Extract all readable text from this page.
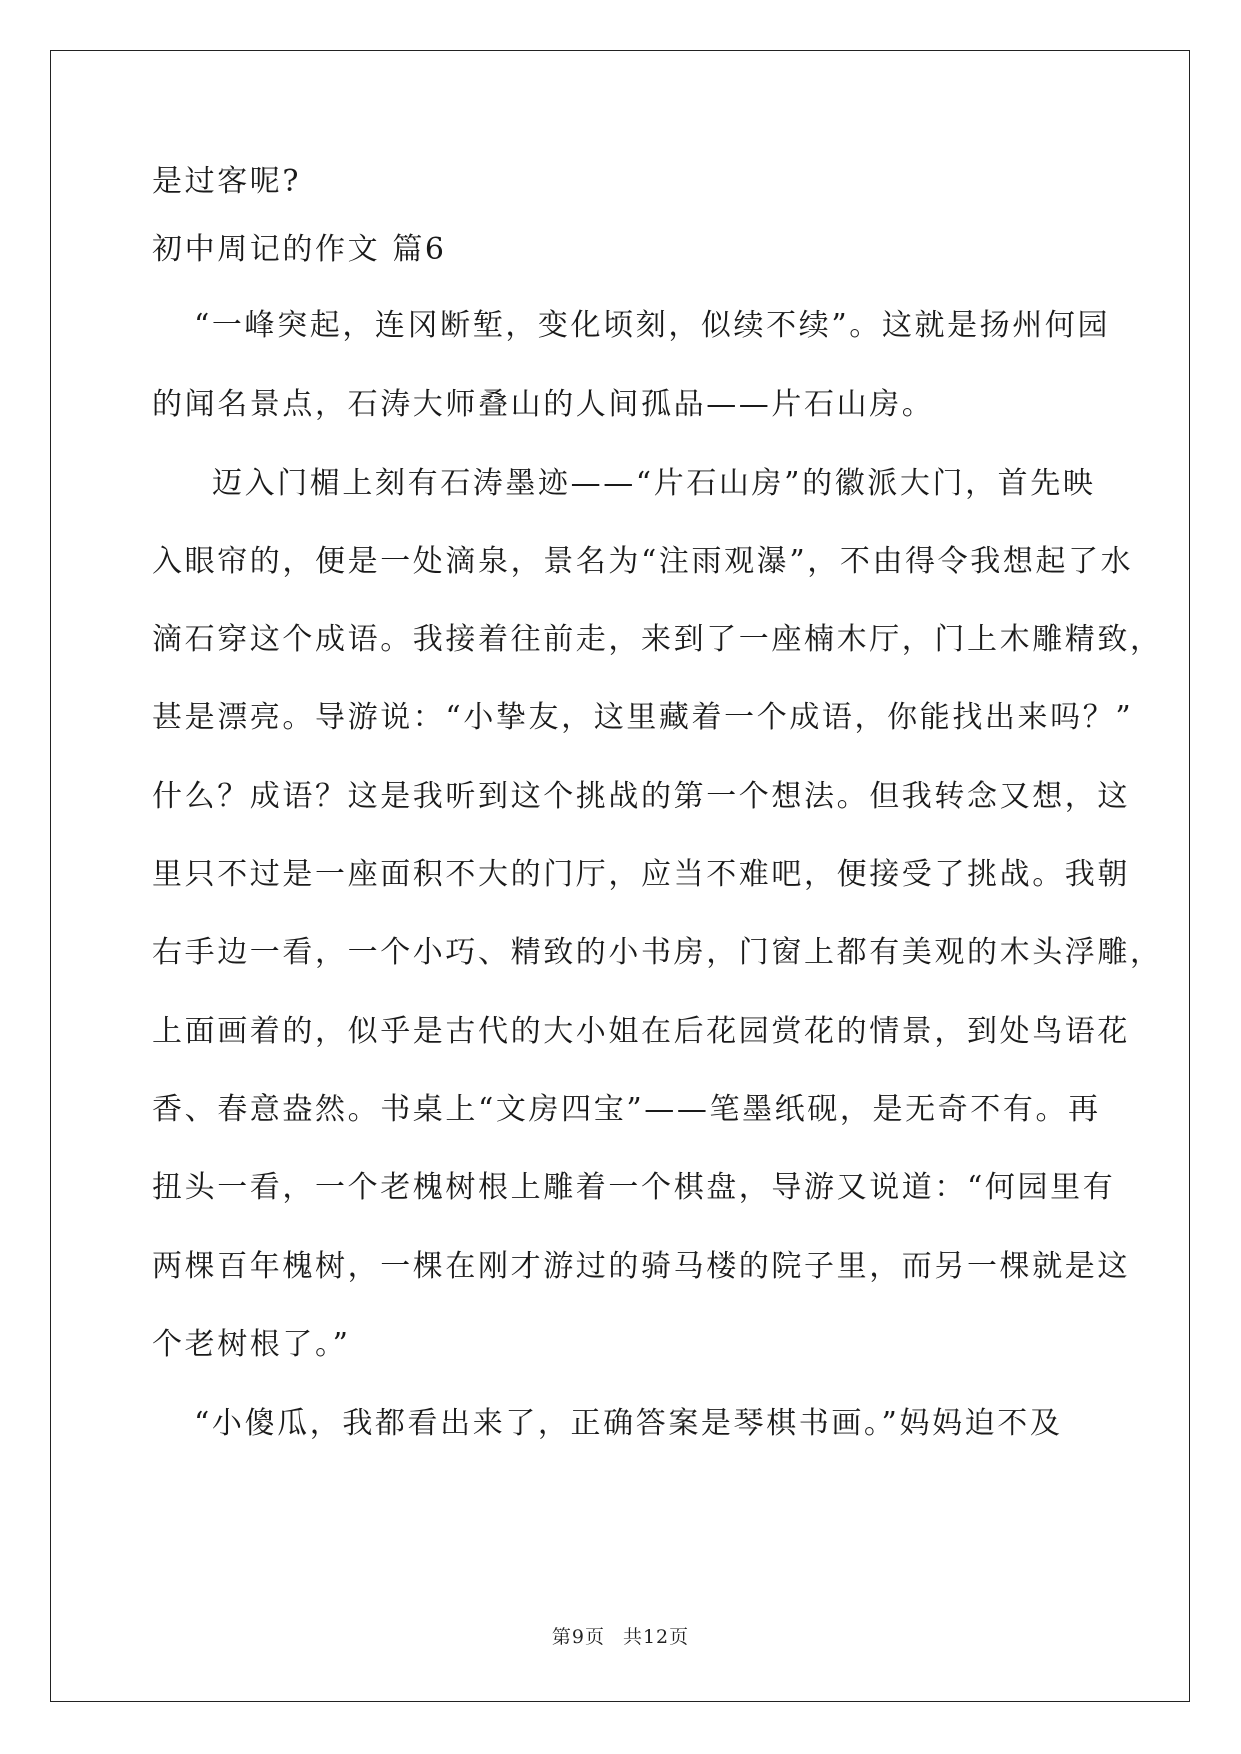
是过客呢?

初中周记的作文 篇6

“一峰突起，连冈断堑，变化顷刻，似续不续”。这就是扬州何园

的闻名景点，石涛大师叠山的人间孤品——片石山房。

迈入门楣上刻有石涛墨迹——“片石山房”的徽派大门，首先映

入眼帘的，便是一处滴泉，景名为“注雨观瀑”，不由得令我想起了水

滴石穿这个成语。我接着往前走，来到了一座楠木厅，门上木雕精致，

甚是漂亮。导游说：“小挚友，这里藏着一个成语，你能找出来吗？”

什么？成语？这是我听到这个挑战的第一个想法。但我转念又想，这

里只不过是一座面积不大的门厅，应当不难吧，便接受了挑战。我朝

右手边一看，一个小巧、精致的小书房，门窗上都有美观的木头浮雕，

上面画着的，似乎是古代的大小姐在后花园赏花的情景，到处鸟语花

香、春意盎然。书桌上“文房四宝”——笔墨纸砚，是无奇不有。再

扭头一看，一个老槐树根上雕着一个棋盘，导游又说道：“何园里有

两棵百年槐树，一棵在刚才游过的骑马楼的院子里，而另一棵就是这

个老树根了。”

“小傻瓜，我都看出来了，正确答案是琴棋书画。”妈妈迫不及

第9页 共12页
